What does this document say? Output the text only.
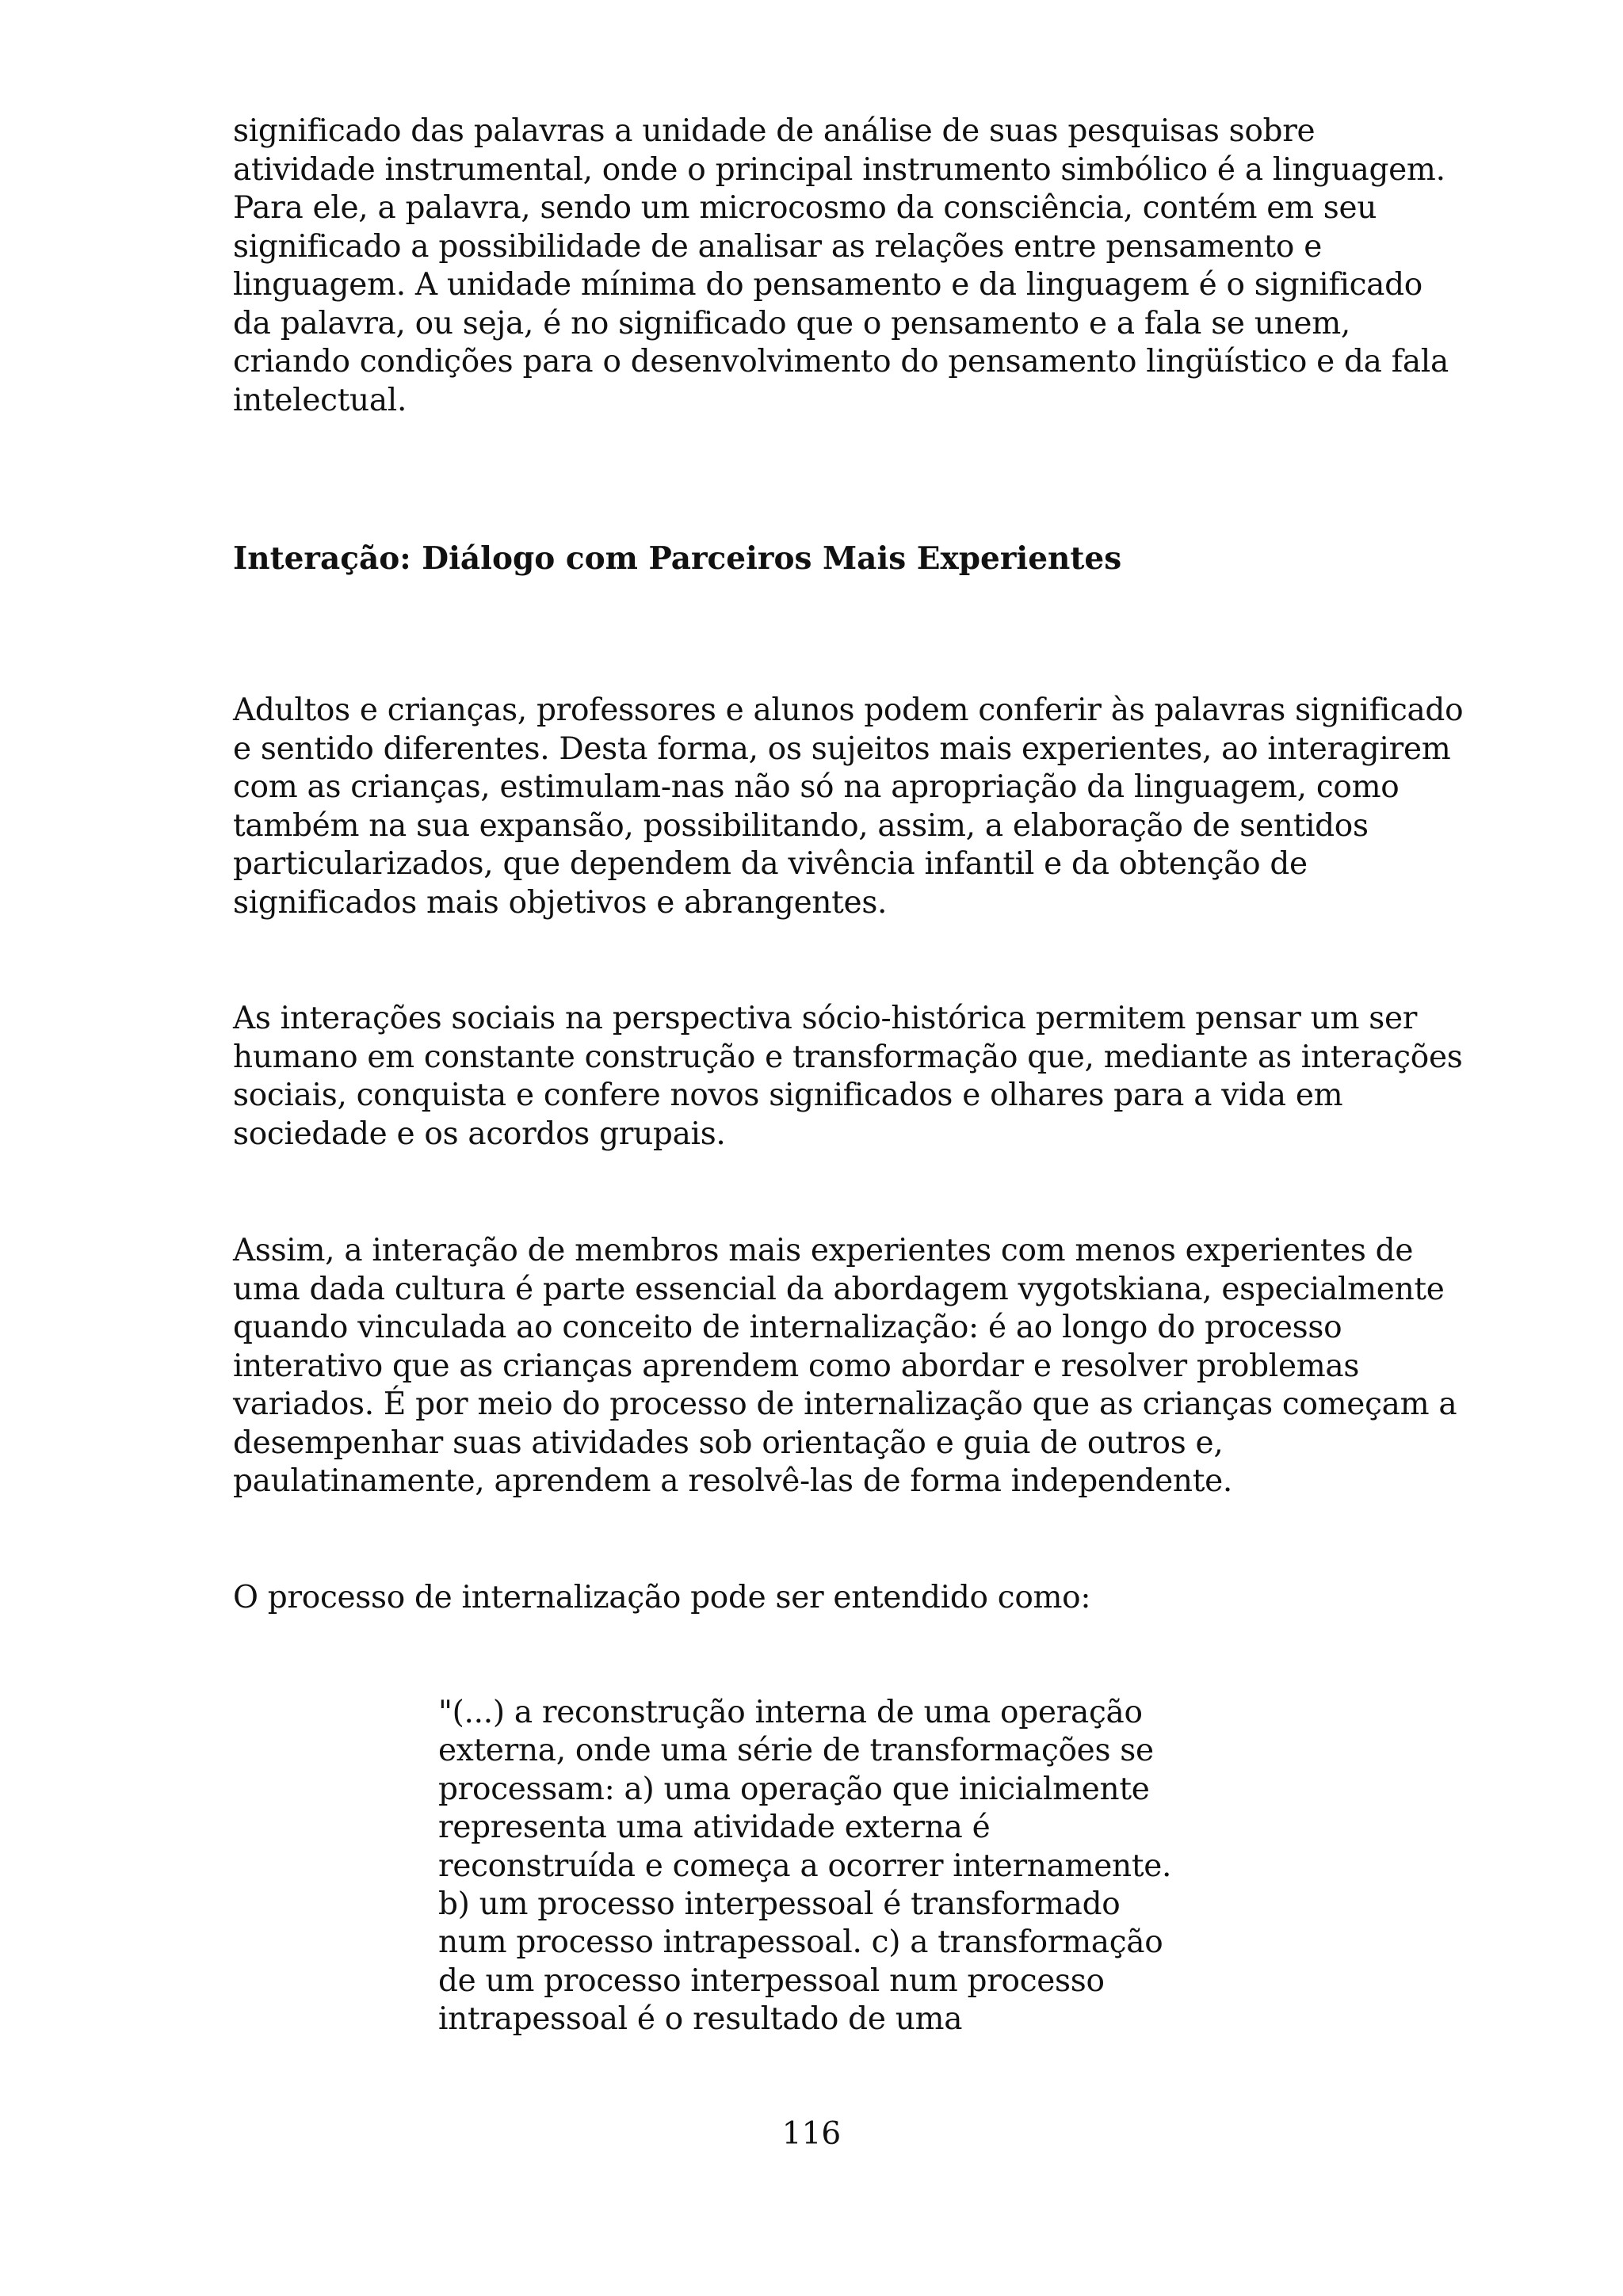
significado das palavras a unidade de análise de suas pesquisas sobre
atividade instrumental, onde o principal instrumento simbólico é a linguagem.
Para ele, a palavra, sendo um microcosmo da consciência, contém em seu
significado a possibilidade de analisar as relações entre pensamento e
linguagem. A unidade mínima do pensamento e da linguagem é o significado
da palavra, ou seja, é no significado que o pensamento e a fala se unem,
criando condições para o desenvolvimento do pensamento lingüístico e da fala
intelectual.

Interação: Diálogo com Parceiros Mais Experientes

Adultos e crianças, professores e alunos podem conferir às palavras significado
e sentido diferentes. Desta forma, os sujeitos mais experientes, ao interagirem
com as crianças, estimulam-nas não só na apropriação da linguagem, como
também na sua expansão, possibilitando, assim, a elaboração de sentidos
particularizados, que dependem da vivência infantil e da obtenção de
significados mais objetivos e abrangentes.

As interações sociais na perspectiva sócio-histórica permitem pensar um ser
humano em constante construção e transformação que, mediante as interações
sociais, conquista e confere novos significados e olhares para a vida em
sociedade e os acordos grupais.

Assim, a interação de membros mais experientes com menos experientes de
uma dada cultura é parte essencial da abordagem vygotskiana, especialmente
quando vinculada ao conceito de internalização: é ao longo do processo
interativo que as crianças aprendem como abordar e resolver problemas
variados. É por meio do processo de internalização que as crianças começam a
desempenhar suas atividades sob orientação e guia de outros e,
paulatinamente, aprendem a resolvê-las de forma independente.

O processo de internalização pode ser entendido como:

"(...) a reconstrução interna de uma operação
externa, onde uma série de transformações se
processam: a) uma operação que inicialmente
representa uma atividade externa é
reconstruída e começa a ocorrer internamente.
b) um processo interpessoal é transformado
num processo intrapessoal. c) a transformação
de um processo interpessoal num processo
intrapessoal é o resultado de uma
116
